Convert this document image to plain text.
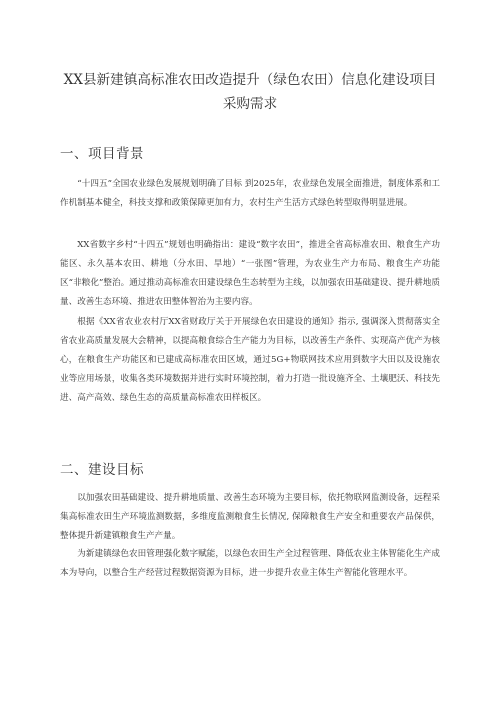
XX县新建镇高标准农田改造提升（绿色农田）信息化建设项目采购需求
一、项目背景

“十四五”全国农业绿色发展规划明确了目标 到2025年，农业绿色发展全面推进，制度体系和工作机制基本健全，科技支撑和政策保障更加有力，农村生产生活方式绿色转型取得明显进展。

XX省数字乡村“十四五”规划也明确指出：建设“数字农田”，推进全省高标准农田、粮食生产功能区、永久基本农田、耕地（分水田、旱地）“一张图”管理，为农业生产力布局、粮食生产功能区“非粮化”整治。通过推动高标准农田建设绿色生态转型为主线，以加强农田基础建设、提升耕地质量、改善生态环境、推进农田整体智治为主要内容。

根据《XX省农业农村厅XX省财政厅关于开展绿色农田建设的通知》指示, 强调深入贯彻落实全省农业高质量发展大会精神，以提高粮食综合生产能力为目标，以改善生产条件、实现高产优产为核心，在粮食生产功能区和已建成高标准农田区域，通过5G+物联网技术应用到数字大田以及设施农业等应用场景，收集各类环境数据并进行实时环境控制，着力打造一批设施齐全、土壤肥沃、科技先进、高产高效、绿色生态的高质量高标准农田样板区。

二、建设目标

以加强农田基础建设、提升耕地质量、改善生态环境为主要目标，依托物联网监测设备，远程采集高标准农田生产环境监测数据，多维度监测粮食生长情况, 保障粮食生产安全和重要农产品保供，整体提升新建镇粮食生产产量。

为新建镇绿色农田管理强化数字赋能，以绿色农田生产全过程管理、降低农业主体智能化生产成本为导向，以整合生产经营过程数据资源为目标，进一步提升农业主体生产智能化管理水平。
